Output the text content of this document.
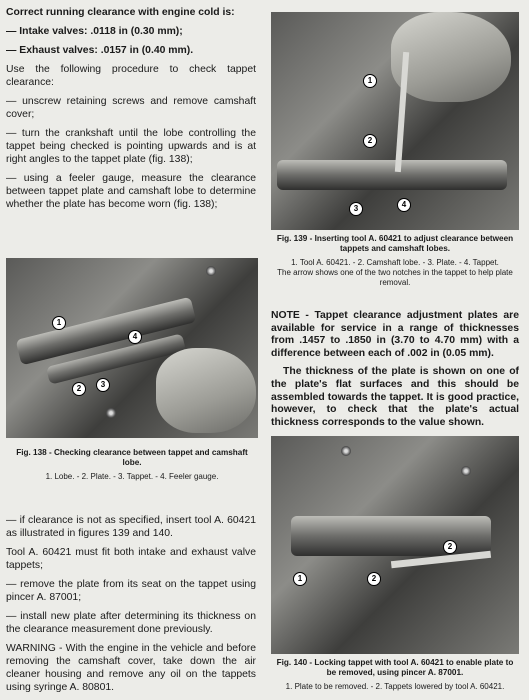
Correct running clearance with engine cold is:

— Intake valves: .0118 in (0.30 mm);

— Exhaust valves: .0157 in (0.40 mm).

Use the following procedure to check tappet clearance:

— unscrew retaining screws and remove camshaft cover;

— turn the crankshaft until the lobe controlling the tappet being checked is pointing upwards and is at right angles to the tappet plate (fig. 138);

— using a feeler gauge, measure the clearance between tappet plate and camshaft lobe to determine whether the plate has become worn (fig. 138);

1
2	3
4
Fig. 138 - Checking clearance between tappet and camshaft lobe.
1. Lobe. - 2. Plate. - 3. Tappet. - 4. Feeler gauge.

— if clearance is not as specified, insert tool A. 60421 as illustrated in figures 139 and 140.

Tool A. 60421 must fit both intake and exhaust valve tappets;

— remove the plate from its seat on the tappet using pincer A. 87001;

— install new plate after determining its thickness on the clearance measurement done previously.

WARNING - With the engine in the vehicle and before removing the camshaft cover, take down the air cleaner housing and remove any oil on the tappets using syringe A. 80801.

1
2
3	4
Fig. 139 - Inserting tool A. 60421 to adjust clearance between tappets and camshaft lobes.
1. Tool A. 60421. - 2. Camshaft lobe. - 3. Plate. - 4. Tappet.
The arrow shows one of the two notches in the tappet to help plate removal.

NOTE - Tappet clearance adjustment plates are available for service in a range of thicknesses from .1457 to .1850 in (3.70 to 4.70 mm) with a difference between each of .002 in (0.05 mm).

The thickness of the plate is shown on one of the plate's flat surfaces and this should be assembled towards the tappet. It is good practice, however, to check that the plate's actual thickness corresponds to the value shown.

1	2
2
Fig. 140 - Locking tappet with tool A. 60421 to enable plate to be removed, using pincer A. 87001.
1. Plate to be removed. - 2. Tappets lowered by tool A. 60421.
